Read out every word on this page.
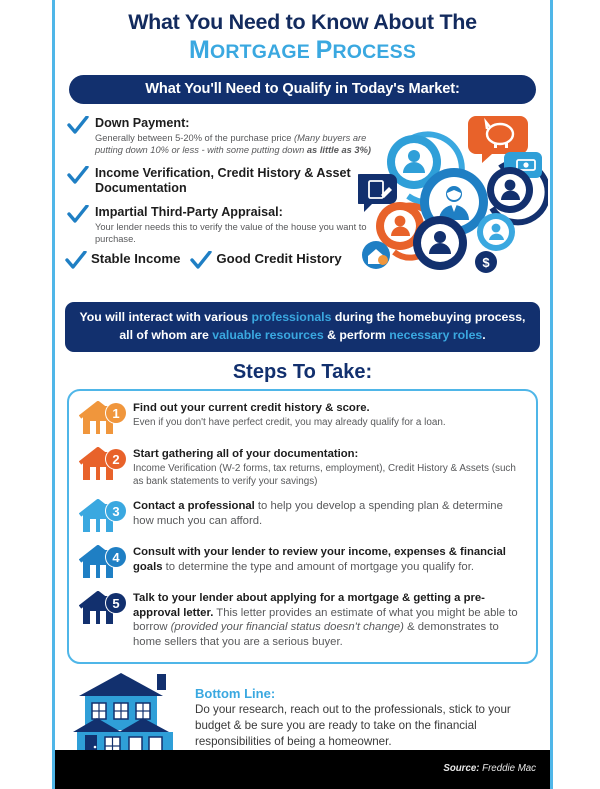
What You Need to Know About The
MORTGAGE PROCESS
What You'll Need to Qualify in Today's Market:
Down Payment:
Generally between 5-20% of the purchase price (Many buyers are putting down 10% or less - with some putting down as little as 3%)
Income Verification, Credit History & Asset Documentation
Impartial Third-Party Appraisal:
Your lender needs this to verify the value of the house you want to purchase.
Stable Income	Good Credit History	$
You will interact with various professionals during the homebuying process, all of whom are valuable resources & perform necessary roles.
Steps To Take:
1 Find out your current credit history & score.
Even if you don't have perfect credit, you may already qualify for a loan.
2 Start gathering all of your documentation:
Income Verification (W-2 forms, tax returns, employment), Credit History & Assets (such as bank statements to verify your savings)
3 Contact a professional to help you develop a spending plan & determine how much you can afford.
4 Consult with your lender to review your income, expenses & financial goals to determine the type and amount of mortgage you qualify for.
5 Talk to your lender about applying for a mortgage & getting a pre-approval letter. This letter provides an estimate of what you might be able to borrow (provided your financial status doesn't change) & demonstrates to home sellers that you are a serious buyer.
Bottom Line:
Do your research, reach out to the professionals, stick to your budget & be sure you are ready to take on the financial responsibilities of being a homeowner.
Source: Freddie Mac
